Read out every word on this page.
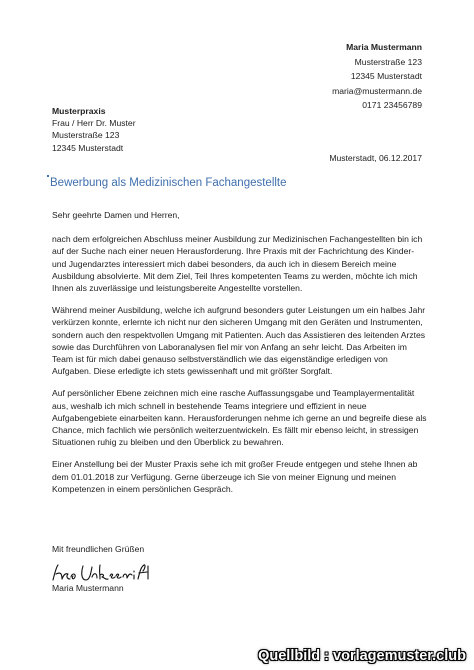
Maria Mustermann
Musterstraße 123
12345 Musterstadt
maria@mustermann.de
0171 23456789
Musterpraxis
Frau / Herr Dr. Muster
Musterstraße 123
12345 Musterstadt
Musterstadt, 06.12.2017
Bewerbung als Medizinischen Fachangestellte

Sehr geehrte Damen und Herren,

nach dem erfolgreichen Abschluss meiner Ausbildung zur Medizinischen Fachangestellten bin ich auf der Suche nach einer neuen Herausforderung. Ihre Praxis mit der Fachrichtung des Kinder- und Jugendarztes interessiert mich dabei besonders, da auch ich in diesem Bereich meine Ausbildung absolvierte. Mit dem Ziel, Teil Ihres kompetenten Teams zu werden, möchte ich mich Ihnen als zuverlässige und leistungsbereite Angestellte vorstellen.

Während meiner Ausbildung, welche ich aufgrund besonders guter Leistungen um ein halbes Jahr verkürzen konnte, erlernte ich nicht nur den sicheren Umgang mit den Geräten und Instrumenten, sondern auch den respektvollen Umgang mit Patienten. Auch das Assistieren des leitenden Arztes sowie das Durchführen von Laboranalysen fiel mir von Anfang an sehr leicht. Das Arbeiten im Team ist für mich dabei genauso selbstverständlich wie das eigenständige erledigen von Aufgaben. Diese erledigte ich stets gewissenhaft und mit größter Sorgfalt.

Auf persönlicher Ebene zeichnen mich eine rasche Auffassungsgabe und Teamplayermentalität aus, weshalb ich mich schnell in bestehende Teams integriere und effizient in neue Aufgabengebiete einarbeiten kann. Herausforderungen nehme ich gerne an und begreife diese als Chance, mich fachlich wie persönlich weiterzuentwickeln. Es fällt mir ebenso leicht, in stressigen Situationen ruhig zu bleiben und den Überblick zu bewahren.

Einer Anstellung bei der Muster Praxis sehe ich mit großer Freude entgegen und stehe Ihnen ab dem 01.01.2018 zur Verfügung. Gerne überzeuge ich Sie von meiner Eignung und meinen Kompetenzen in einem persönlichen Gespräch.

Mit freundlichen Grüßen
Maria Mustermann
Quellbild : vorlagemuster.club
